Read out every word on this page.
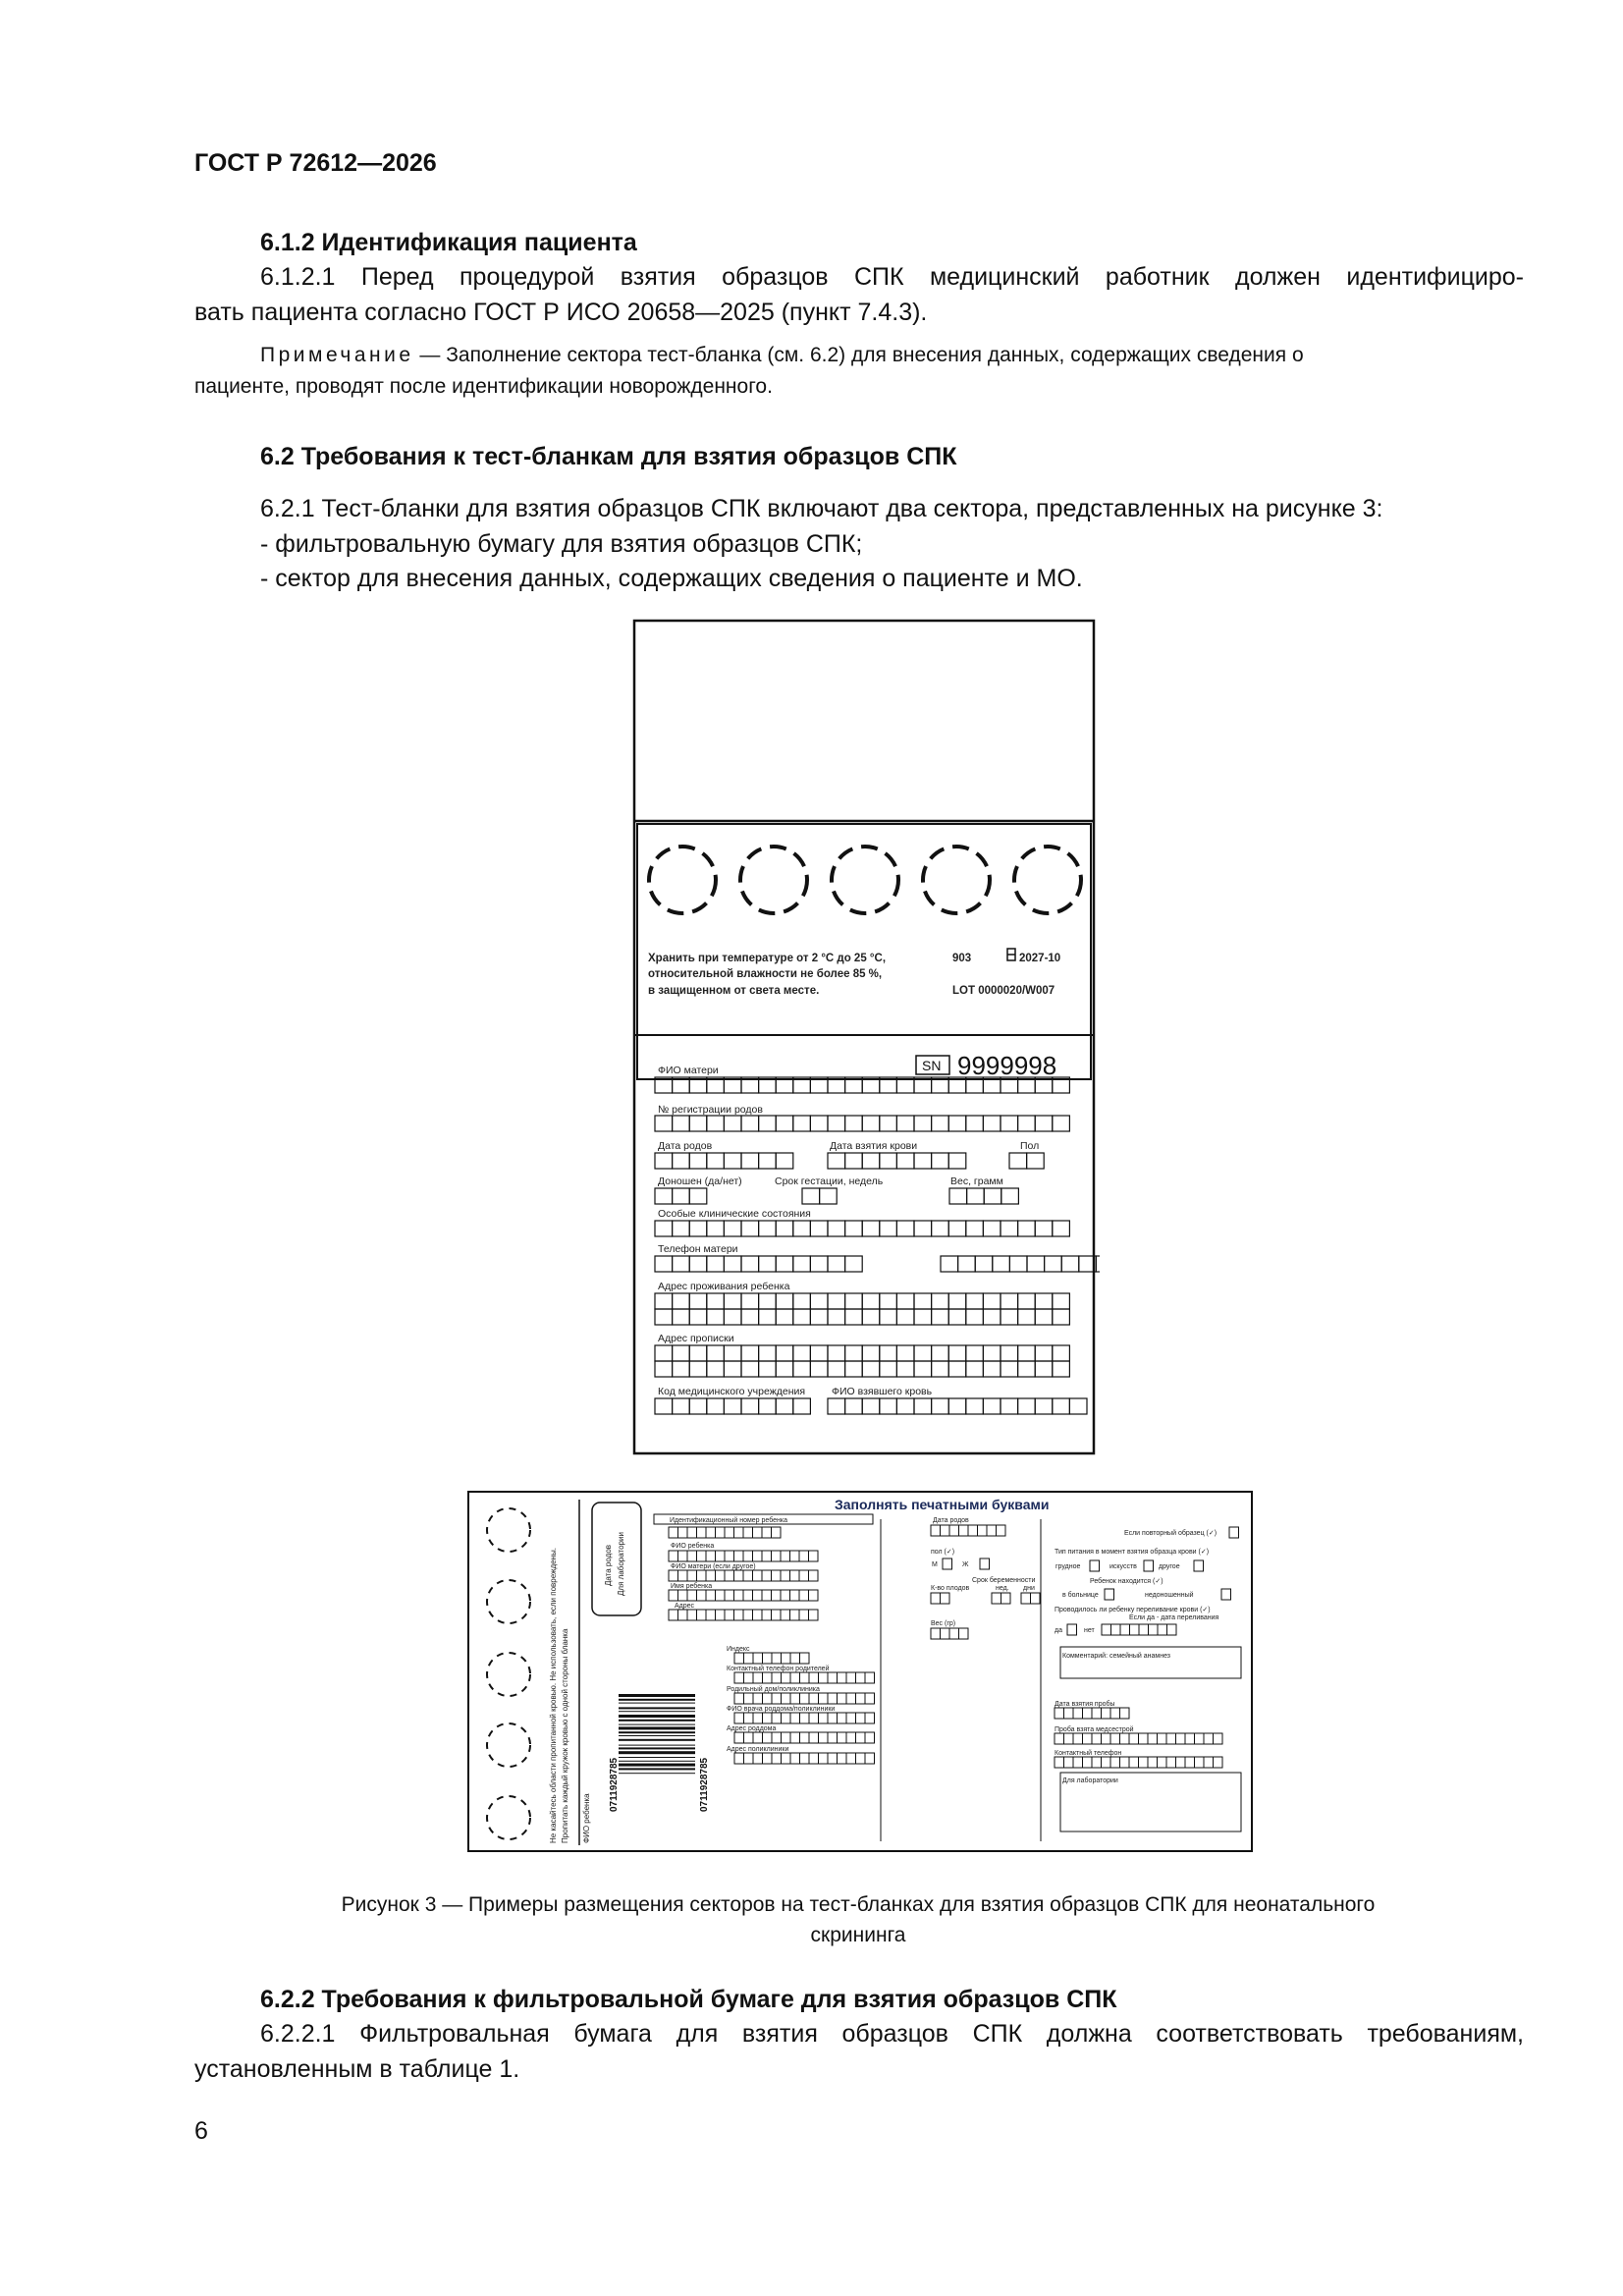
ГОСТ Р 72612—2026
6.1.2 Идентификация пациента
6.1.2.1 Перед процедурой взятия образцов СПК медицинский работник должен идентифициро-
вать пациента согласно ГОСТ Р ИСО 20658—2025 (пункт 7.4.3).
Примечание — Заполнение сектора тест-бланка (см. 6.2) для внесения данных, содержащих сведения о
пациенте, проводят после идентификации новорожденного.
6.2 Требования к тест-бланкам для взятия образцов СПК
6.2.1 Тест-бланки для взятия образцов СПК включают два сектора, представленных на рисунке 3:
- фильтровальную бумагу для взятия образцов СПК;
- сектор для внесения данных, содержащих сведения о пациенте и МО.
Хранить при температуре от 2 °С до 25 °С,
относительной влажности не более 85 %,
в защищенном от света месте.
903	2027-10
LOT 0000020/W007
SN 9999998
ФИО матери
№ регистрации родов
Дата родов	Дата взятия крови	Пол
Доношен (да/нет)	Срок гестации, недель	Вес, грамм
Особые клинические состояния
Телефон матери
Адрес проживания ребенка
Адрес прописки
Код медицинского учреждения	ФИО взявшего кровь
Не касайтесь области пропитанной кровью. Не использовать, если повреждены. Пропитать каждый кружок кровью с одной стороны бланка ФИО ребенка
Для лаборатории
Дата родов
0711928785	0711928785
Заполнять печатными буквами
Идентификационный номер ребенка
ФИО ребенка
ФИО матери (если другое)
Имя ребенка
Адрес
Индекс
Контактный телефон родителей
Родильный дом/поликлиника
ФИО врача роддома/поликлиники
Адрес роддома
Адрес поликлиники
Дата родов
пол (✓)
М	Ж
Срок беременности
К-во плодов	нед. дни
Вес (гр)
Если повторный образец (✓)
Тип питания в момент взятия образца крови (✓)
грудное	искусств	другое
Ребенок находится (✓)
в больнице	недоношенный
Проводилось ли ребенку переливание крови (✓)
Если да - дата переливания
да	нет
Комментарий: семейный анамнез
Дата взятия пробы
Проба взята медсестрой
Контактный телефон
Для лаборатории
Рисунок 3 — Примеры размещения секторов на тест-бланках для взятия образцов СПК для неонатального
скрининга
6.2.2 Требования к фильтровальной бумаге для взятия образцов СПК
6.2.2.1 Фильтровальная бумага для взятия образцов СПК должна соответствовать требованиям,
установленным в таблице 1.
6
